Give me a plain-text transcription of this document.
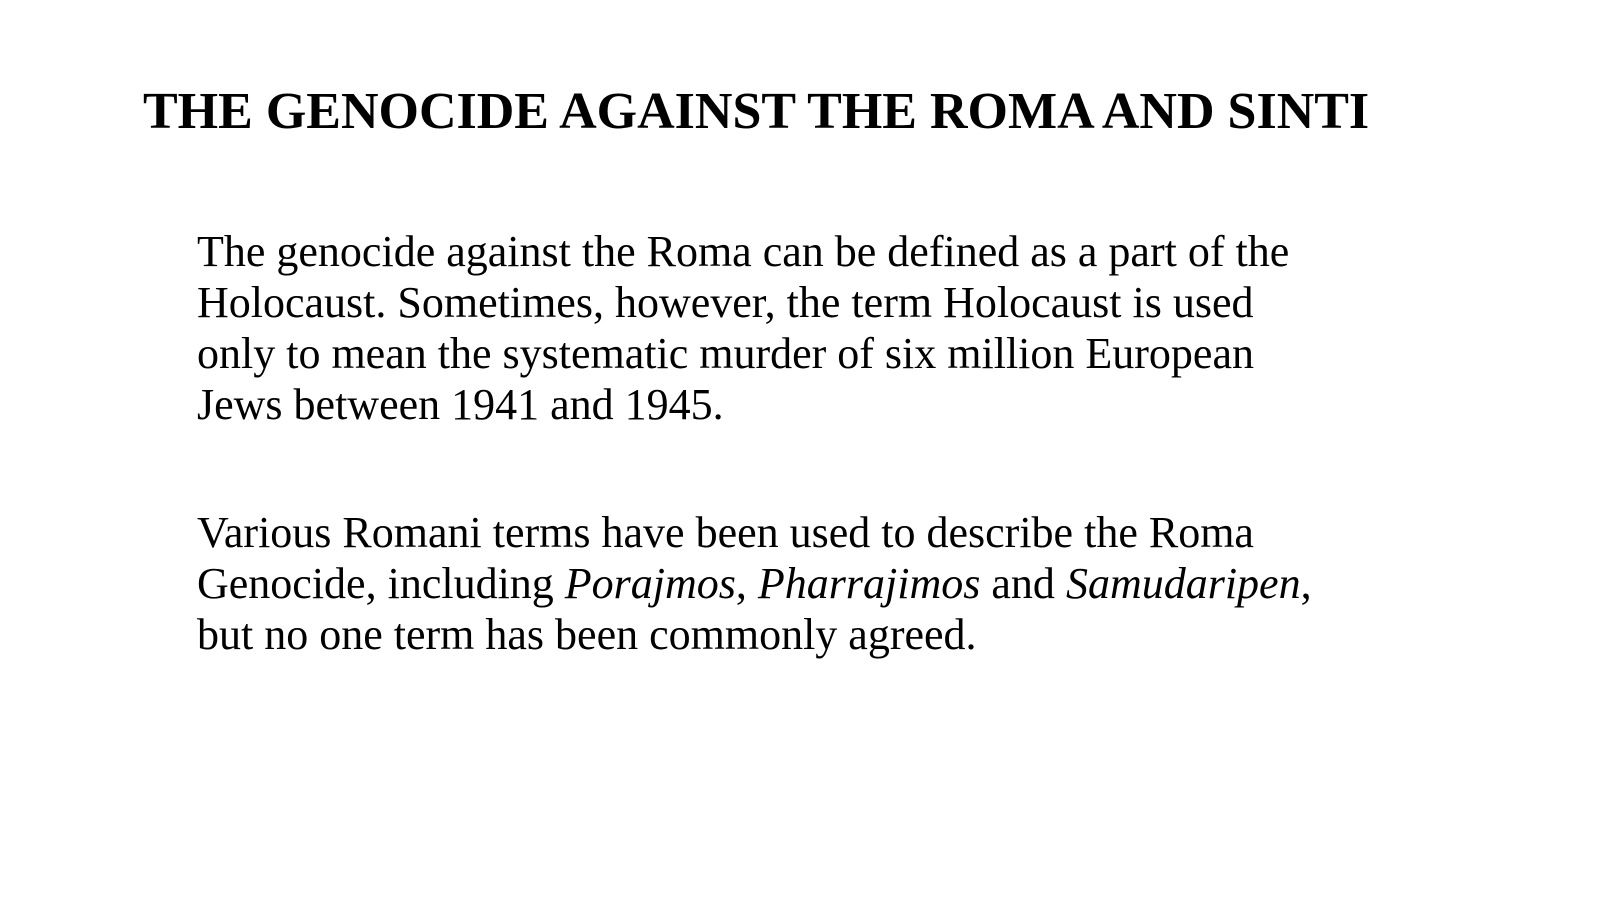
THE GENOCIDE AGAINST THE ROMA AND SINTI

The genocide against the Roma can be defined as a part of the
Holocaust. Sometimes, however, the term Holocaust is used
only to mean the systematic murder of six million European
Jews between 1941 and 1945.

Various Romani terms have been used to describe the Roma
Genocide, including Porajmos, Pharrajimos and Samudaripen,
but no one term has been commonly agreed.
